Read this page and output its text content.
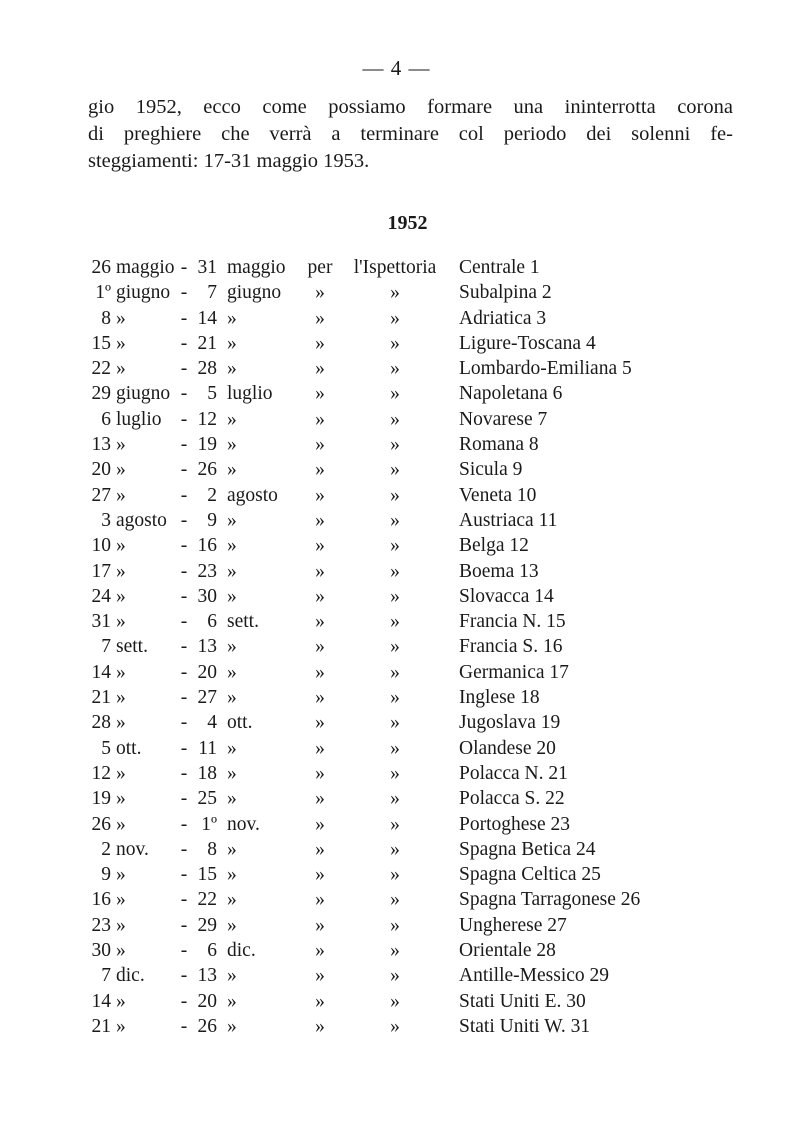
— 4 —
gio 1952, ecco come possiamo formare una ininterrotta corona
di preghiere che verrà a terminare col periodo dei solenni fe-
steggiamenti: 17-31 maggio 1953.
1952
26 maggio - 31 maggio per	l'Ispettoria	Centrale 1
1º giugno -	7 giugno	»	»	Subalpina 2
8 »	- 14 »	»	»	Adriatica 3
15 »	- 21 »	»	»	Ligure-Toscana 4
22 »	- 28 »	»	»	Lombardo-Emiliana 5
29 giugno -	5 luglio	»	»	Napoletana 6
6 luglio - 12 »	»	»	Novarese 7
13 »	- 19 »	»	»	Romana 8
20 »	- 26 »	»	»	Sicula 9
27 »	-	2 agosto	»	»	Veneta 10
3 agosto -	9 »	»	»	Austriaca 11
10 »	- 16 »	»	»	Belga 12
17 »	- 23 »	»	»	Boema 13
24 »	- 30 »	»	»	Slovacca 14
31 »	-	6 sett.	»	»	Francia N. 15
7 sett. - 13 »	»	»	Francia S. 16
14 »	- 20 »	»	»	Germanica 17
21 »	- 27 »	»	»	Inglese 18
28 »	-	4 ott.	»	»	Jugoslava 19
5 ott. - 11 »	»	»	Olandese 20
12 »	- 18 »	»	»	Polacca N. 21
19 »	- 25 »	»	»	Polacca S. 22
26 »	- 1º nov.	»	»	Portoghese 23
2 nov. -	8 »	»	»	Spagna Betica 24
9 »	- 15 »	»	»	Spagna Celtica 25
16 »	- 22 »	»	»	Spagna Tarragonese 26
23 »	- 29 »	»	»	Ungherese 27
30 »	-	6 dic.	»	»	Orientale 28
7 dic. - 13 »	»	»	Antille-Messico 29
14 »	- 20 »	»	»	Stati Uniti E. 30
21 »	- 26 »	»	»	Stati Uniti W. 31
